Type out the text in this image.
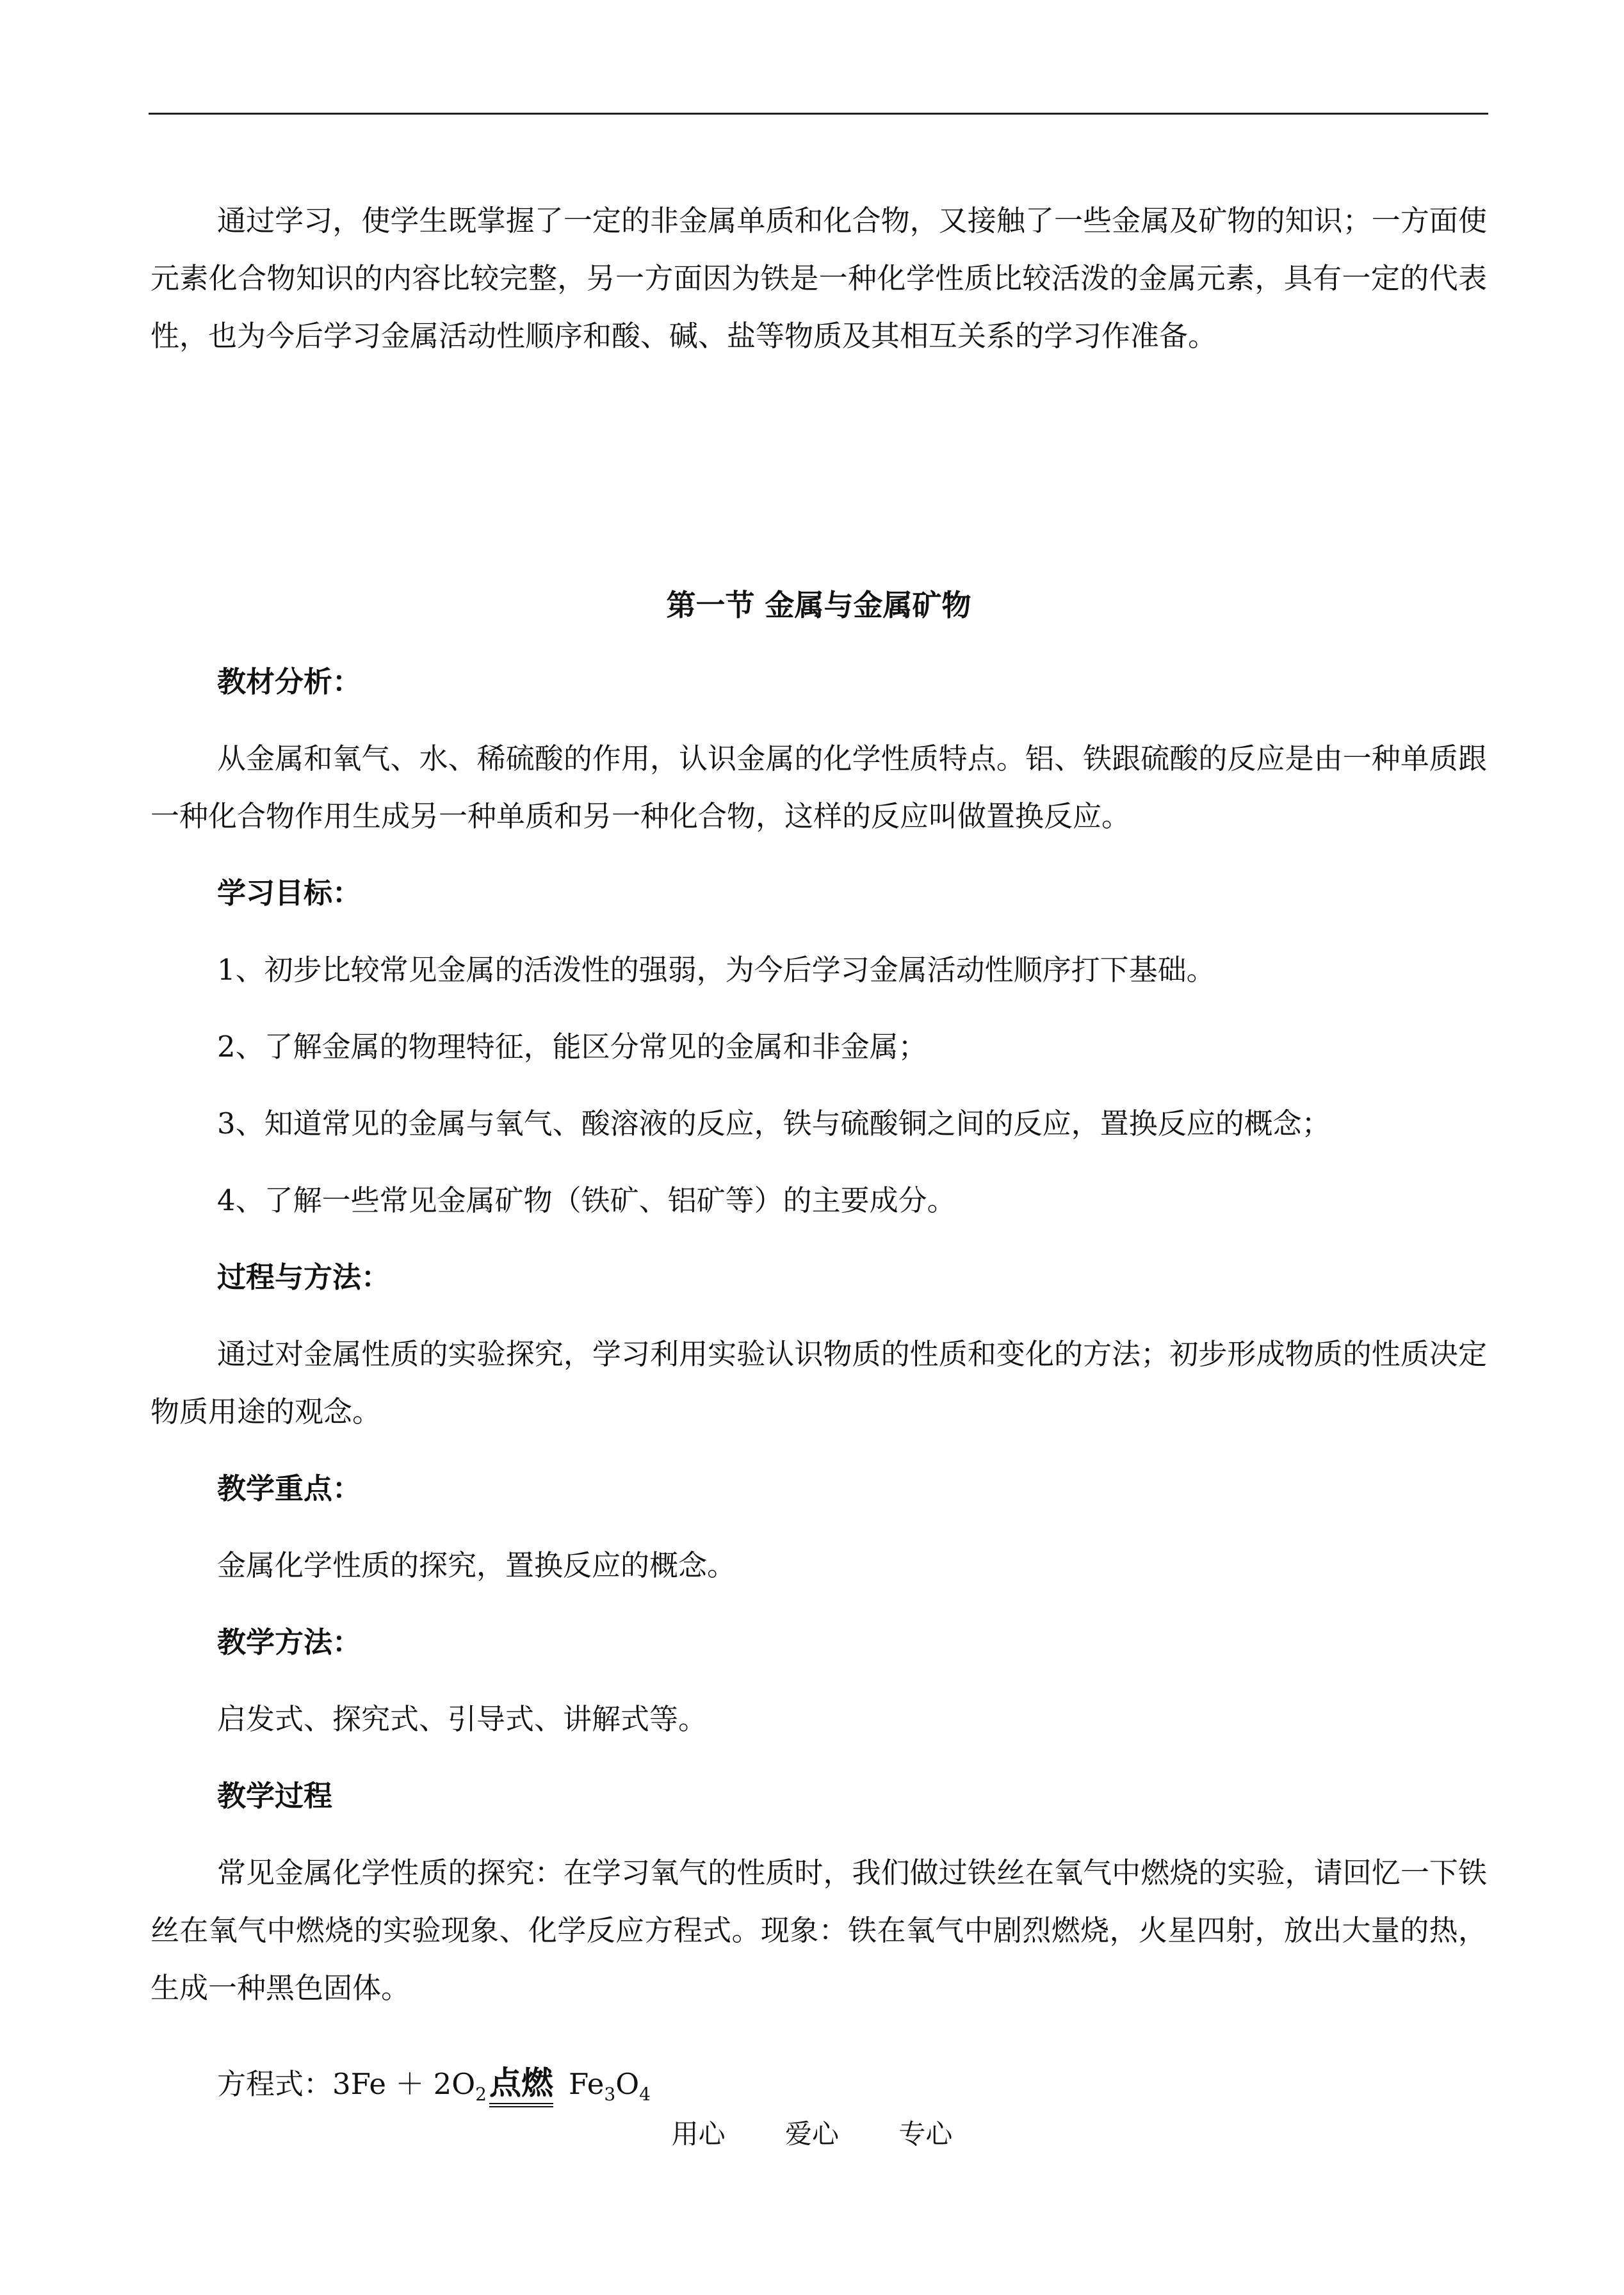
通过学习，使学生既掌握了一定的非金属单质和化合物，又接触了一些金属及矿物的知识；一方面使元素化合物知识的内容比较完整，另一方面因为铁是一种化学性质比较活泼的金属元素，具有一定的代表性，也为今后学习金属活动性顺序和酸、碱、盐等物质及其相互关系的学习作准备。

第一节 金属与金属矿物

教材分析：

从金属和氧气、水、稀硫酸的作用，认识金属的化学性质特点。铝、铁跟硫酸的反应是由一种单质跟一种化合物作用生成另一种单质和另一种化合物，这样的反应叫做置换反应。

学习目标：

1、初步比较常见金属的活泼性的强弱，为今后学习金属活动性顺序打下基础。

2、了解金属的物理特征，能区分常见的金属和非金属；

3、知道常见的金属与氧气、酸溶液的反应，铁与硫酸铜之间的反应，置换反应的概念；

4、了解一些常见金属矿物（铁矿、铝矿等）的主要成分。

过程与方法：

通过对金属性质的实验探究，学习利用实验认识物质的性质和变化的方法；初步形成物质的性质决定物质用途的观念。

教学重点：

金属化学性质的探究，置换反应的概念。

教学方法：

启发式、探究式、引导式、讲解式等。

教学过程

常见金属化学性质的探究：在学习氧气的性质时，我们做过铁丝在氧气中燃烧的实验，请回忆一下铁丝在氧气中燃烧的实验现象、化学反应方程式。现象：铁在氧气中剧烈燃烧，火星四射，放出大量的热，生成一种黑色固体。

方程式：$3Fe + 2O_2$点燃 $Fe_3O_4$

用心 爱心 专心
